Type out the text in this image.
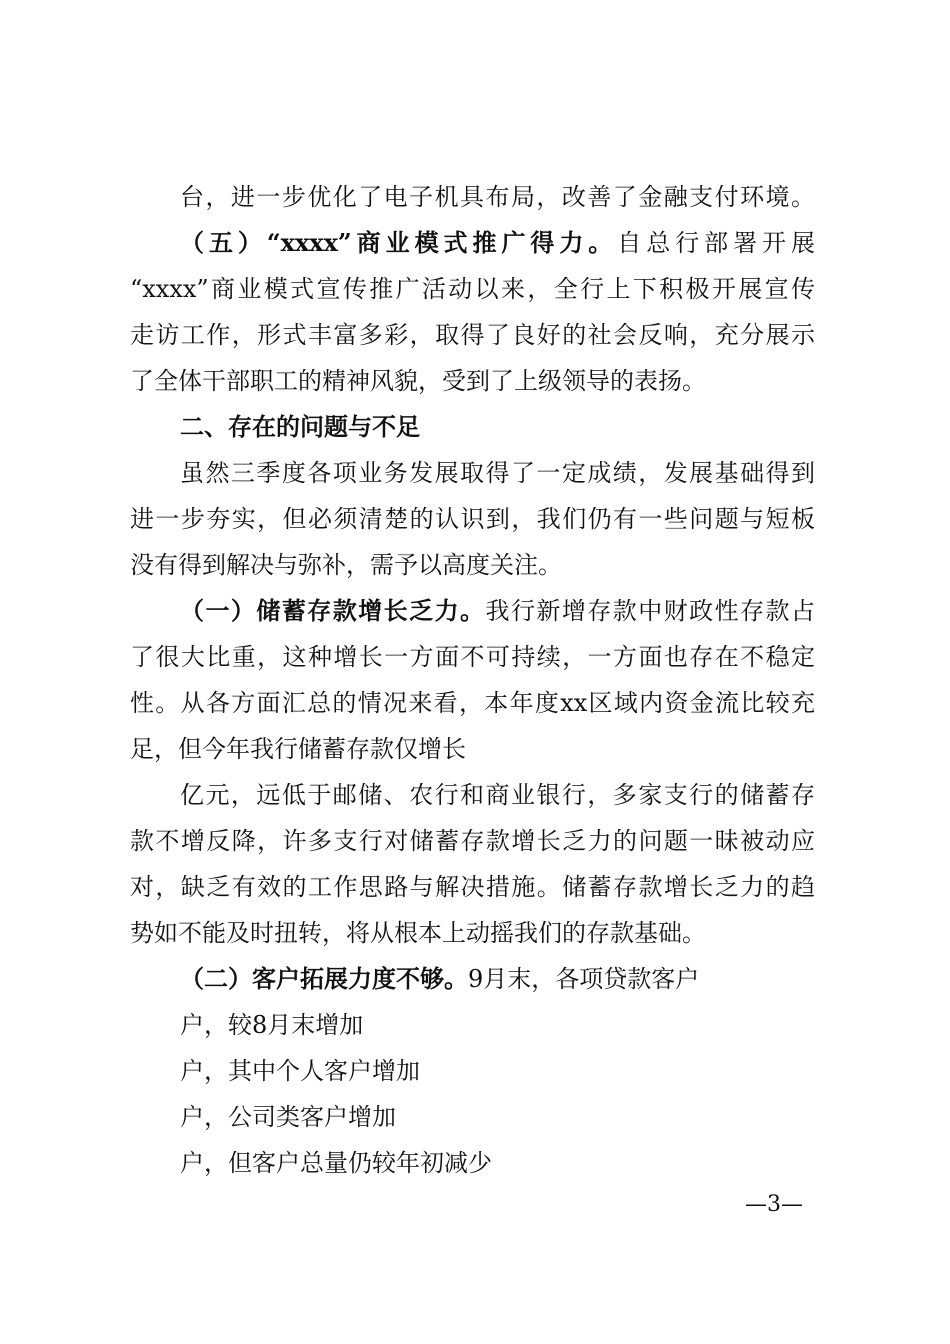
台，进一步优化了电子机具布局，改善了金融支付环境。
（五）“xxxx”商业模式推广得力。自总行部署开展
“xxxx”商业模式宣传推广活动以来，全行上下积极开展宣传
走访工作，形式丰富多彩，取得了良好的社会反响，充分展示
了全体干部职工的精神风貌，受到了上级领导的表扬。
二、存在的问题与不足
虽然三季度各项业务发展取得了一定成绩，发展基础得到
进一步夯实，但必须清楚的认识到，我们仍有一些问题与短板
没有得到解决与弥补，需予以高度关注。
（一）储蓄存款增长乏力。我行新增存款中财政性存款占
了很大比重，这种增长一方面不可持续，一方面也存在不稳定
性。从各方面汇总的情况来看，本年度xx区域内资金流比较充
足，但今年我行储蓄存款仅增长
亿元，远低于邮储、农行和商业银行，多家支行的储蓄存
款不增反降，许多支行对储蓄存款增长乏力的问题一昧被动应
对，缺乏有效的工作思路与解决措施。储蓄存款增长乏力的趋
势如不能及时扭转，将从根本上动摇我们的存款基础。
（二）客户拓展力度不够。9月末，各项贷款客户
户，较8月末增加
户，其中个人客户增加
户，公司类客户增加
户，但客户总量仍较年初减少
—3—
